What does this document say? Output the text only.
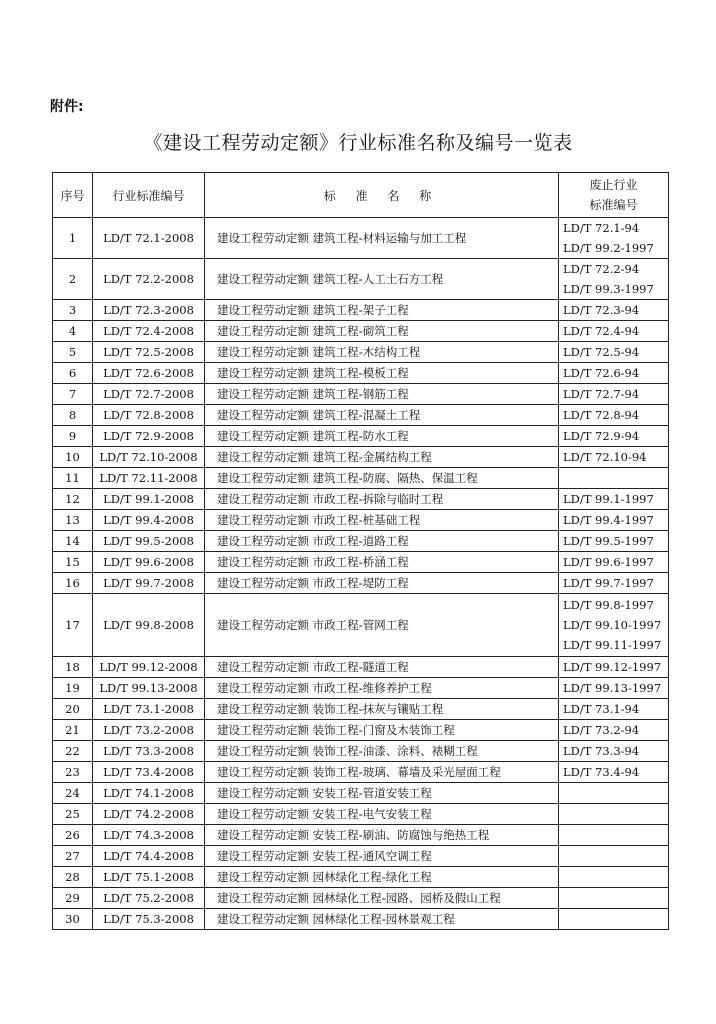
附件:
《建设工程劳动定额》行业标准名称及编号一览表
序号	行业标准编号	标 准 名 称	废止行业
标准编号

1	LD/T 72.1-2008	建设工程劳动定额 建筑工程-材料运输与加工工程	LD/T 72.1-94
LD/T 99.2-1997

2	LD/T 72.2-2008	建设工程劳动定额 建筑工程-人工土石方工程	LD/T 72.2-94
LD/T 99.3-1997

3	LD/T 72.3-2008	建设工程劳动定额 建筑工程-架子工程	LD/T 72.3-94

4	LD/T 72.4-2008	建设工程劳动定额 建筑工程-砌筑工程	LD/T 72.4-94

5	LD/T 72.5-2008	建设工程劳动定额 建筑工程-木结构工程	LD/T 72.5-94

6	LD/T 72.6-2008	建设工程劳动定额 建筑工程-模板工程	LD/T 72.6-94

7	LD/T 72.7-2008	建设工程劳动定额 建筑工程-钢筋工程	LD/T 72.7-94

8	LD/T 72.8-2008	建设工程劳动定额 建筑工程-混凝土工程	LD/T 72.8-94

9	LD/T 72.9-2008	建设工程劳动定额 建筑工程-防水工程	LD/T 72.9-94

10	LD/T 72.10-2008	建设工程劳动定额 建筑工程-金属结构工程	LD/T 72.10-94

11	LD/T 72.11-2008	建设工程劳动定额 建筑工程-防腐、隔热、保温工程	
12	LD/T 99.1-2008	建设工程劳动定额 市政工程-拆除与临时工程	LD/T 99.1-1997

13	LD/T 99.4-2008	建设工程劳动定额 市政工程-桩基础工程	LD/T 99.4-1997

14	LD/T 99.5-2008	建设工程劳动定额 市政工程-道路工程	LD/T 99.5-1997

15	LD/T 99.6-2008	建设工程劳动定额 市政工程-桥涵工程	LD/T 99.6-1997

16	LD/T 99.7-2008	建设工程劳动定额 市政工程-堤防工程	LD/T 99.7-1997

17	LD/T 99.8-2008	建设工程劳动定额 市政工程-管网工程	LD/T 99.8-1997
LD/T 99.10-1997
LD/T 99.11-1997

18	LD/T 99.12-2008	建设工程劳动定额 市政工程-隧道工程	LD/T 99.12-1997

19	LD/T 99.13-2008	建设工程劳动定额 市政工程-维修养护工程	LD/T 99.13-1997

20	LD/T 73.1-2008	建设工程劳动定额 装饰工程-抹灰与镶贴工程	LD/T 73.1-94

21	LD/T 73.2-2008	建设工程劳动定额 装饰工程-门窗及木装饰工程	LD/T 73.2-94

22	LD/T 73.3-2008	建设工程劳动定额 装饰工程-油漆、涂料、裱糊工程	LD/T 73.3-94

23	LD/T 73.4-2008	建设工程劳动定额 装饰工程-玻璃、幕墙及采光屋面工程	LD/T 73.4-94

24	LD/T 74.1-2008	建设工程劳动定额 安装工程-管道安装工程	
25	LD/T 74.2-2008	建设工程劳动定额 安装工程-电气安装工程	
26	LD/T 74.3-2008	建设工程劳动定额 安装工程-刷油、防腐蚀与绝热工程	
27	LD/T 74.4-2008	建设工程劳动定额 安装工程-通风空调工程	
28	LD/T 75.1-2008	建设工程劳动定额 园林绿化工程-绿化工程	
29	LD/T 75.2-2008	建设工程劳动定额 园林绿化工程-园路、园桥及假山工程	
30	LD/T 75.3-2008	建设工程劳动定额 园林绿化工程-园林景观工程	
